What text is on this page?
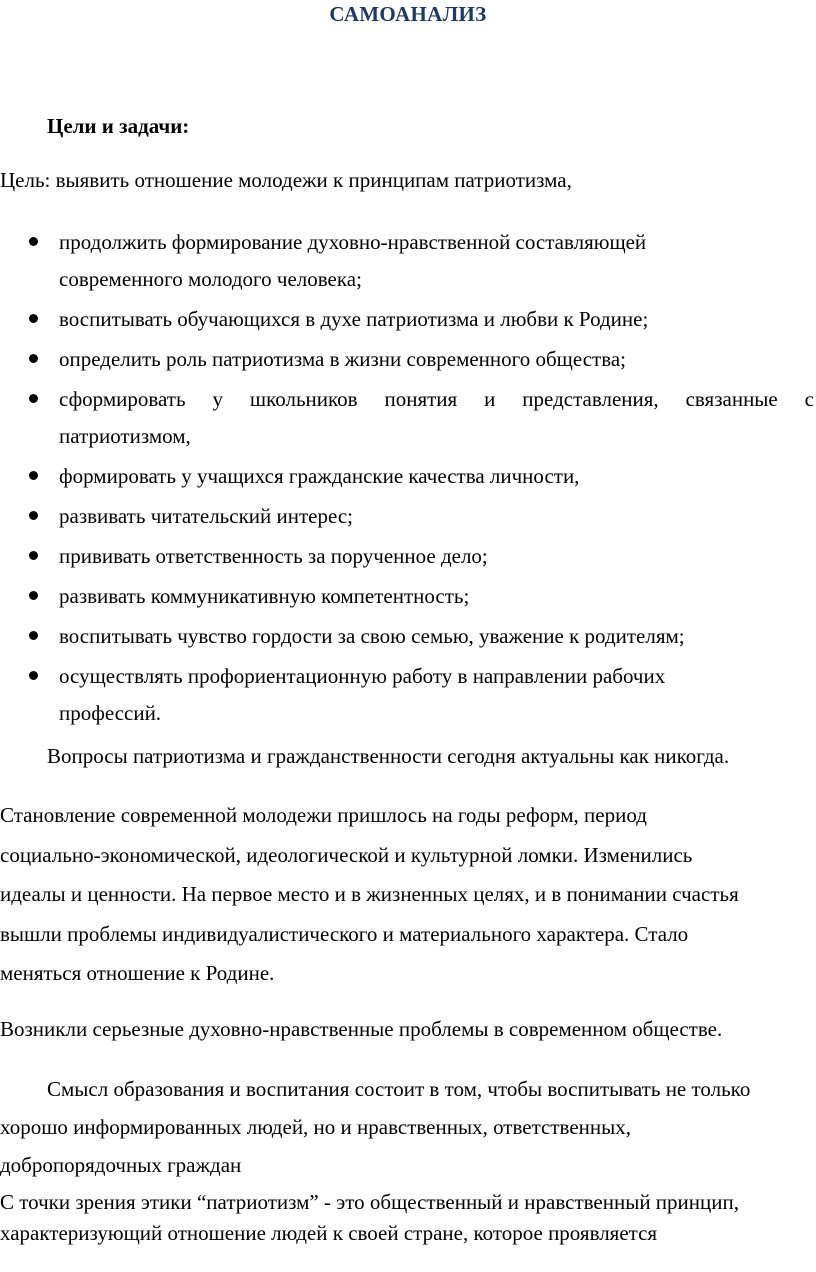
САМОАНАЛИЗ
Цели и задачи:
Цель: выявить отношение молодежи к принципам патриотизма,
продолжить формирование духовно-нравственной составляющей
современного молодого человека;
воспитывать обучающихся в духе патриотизма и любви к Родине;
определить роль патриотизма в жизни современного общества;
сформировать у школьников понятия и представления, связанные с
патриотизмом,
формировать у учащихся гражданские качества личности,
развивать читательский интерес;
прививать ответственность за порученное дело;
развивать коммуникативную компетентность;
воспитывать чувство гордости за свою семью, уважение к родителям;
осуществлять профориентационную работу в направлении рабочих
профессий.
Вопросы патриотизма и гражданственности сегодня актуальны как никогда.
Становление современной молодежи пришлось на годы реформ, период
социально-экономической, идеологической и культурной ломки. Изменились
идеалы и ценности. На первое место и в жизненных целях, и в понимании счастья
вышли проблемы индивидуалистического и материального характера. Стало
меняться отношение к Родине.
Возникли серьезные духовно-нравственные проблемы в современном обществе.
Смысл образования и воспитания состоит в том, чтобы воспитывать не только
хорошо информированных людей, но и нравственных, ответственных,
добропорядочных граждан
С точки зрения этики “патриотизм” - это общественный и нравственный принцип,
характеризующий отношение людей к своей стране, которое проявляется
